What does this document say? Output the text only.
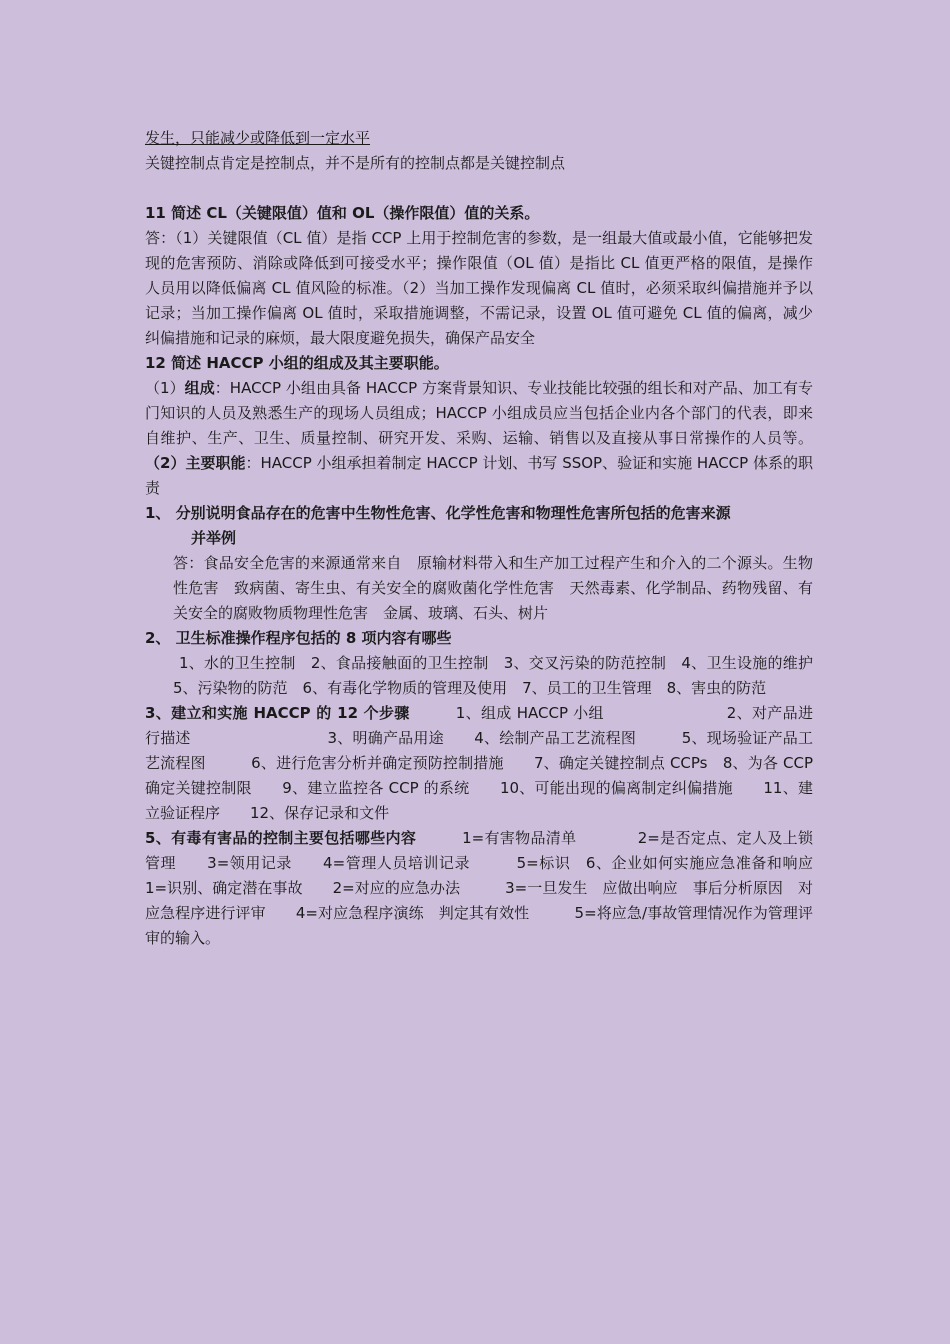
发生，只能减少或降低到一定水平

关键控制点肯定是控制点，并不是所有的控制点都是关键控制点

11 简述 CL（关键限值）值和 OL（操作限值）值的关系。

答：（1）关键限值（CL 值）是指 CCP 上用于控制危害的参数，是一组最大值或最小值，它能够把发现的危害预防、消除或降低到可接受水平；操作限值（OL 值）是指比 CL 值更严格的限值，是操作人员用以降低偏离 CL 值风险的标准。（2）当加工操作发现偏离 CL 值时，必须采取纠偏措施并予以记录；当加工操作偏离 OL 值时，采取措施调整，不需记录，设置 OL 值可避免 CL 值的偏离，减少纠偏措施和记录的麻烦，最大限度避免损失，确保产品安全

12 简述 HACCP 小组的组成及其主要职能。

（1）组成：HACCP 小组由具备 HACCP 方案背景知识、专业技能比较强的组长和对产品、加工有专门知识的人员及熟悉生产的现场人员组成；HACCP 小组成员应当包括企业内各个部门的代表，即来自维护、生产、卫生、质量控制、研究开发、采购、运输、销售以及直接从事日常操作的人员等。（2）主要职能：HACCP 小组承担着制定 HACCP 计划、书写 SSOP、验证和实施 HACCP 体系的职责

1、 分别说明食品存在的危害中生物性危害、化学性危害和物理性危害所包括的危害来源
并举例

答：食品安全危害的来源通常来自　原输材料带入和生产加工过程产生和介入的二个源头。生物性危害　致病菌、寄生虫、有关安全的腐败菌化学性危害　天然毒素、化学制品、药物残留、有关安全的腐败物质物理性危害　金属、玻璃、石头、树片

2、 卫生标准操作程序包括的 8 项内容有哪些

1、水的卫生控制　2、食品接触面的卫生控制　3、交叉污染的防范控制　4、卫生设施的维护　5、污染物的防范　6、有毒化学物质的管理及使用　7、员工的卫生管理　8、害虫的防范

3、建立和实施 HACCP 的 12 个步骤　　　1、组成 HACCP 小组　　　　　　　　2、对产品进行描述　　　　　　　　　3、明确产品用途　　4、绘制产品工艺流程图　　　5、现场验证产品工艺流程图　　　6、进行危害分析并确定预防控制措施　　7、确定关键控制点 CCPs　8、为各 CCP 确定关键控制限　　9、建立监控各 CCP 的系统　　10、可能出现的偏离制定纠偏措施　　11、建立验证程序　　12、保存记录和文件

5、有毒有害品的控制主要包括哪些内容　　　1=有害物品清单　　　　2=是否定点、定人及上锁管理　　3=领用记录　　4=管理人员培训记录　　　5=标识　6、企业如何实施应急准备和响应　　　1=识别、确定潜在事故　　2=对应的应急办法　　　3=一旦发生　应做出响应　事后分析原因　对应急程序进行评审　　4=对应急程序演练　判定其有效性　　　5=将应急/事故管理情况作为管理评审的输入。
